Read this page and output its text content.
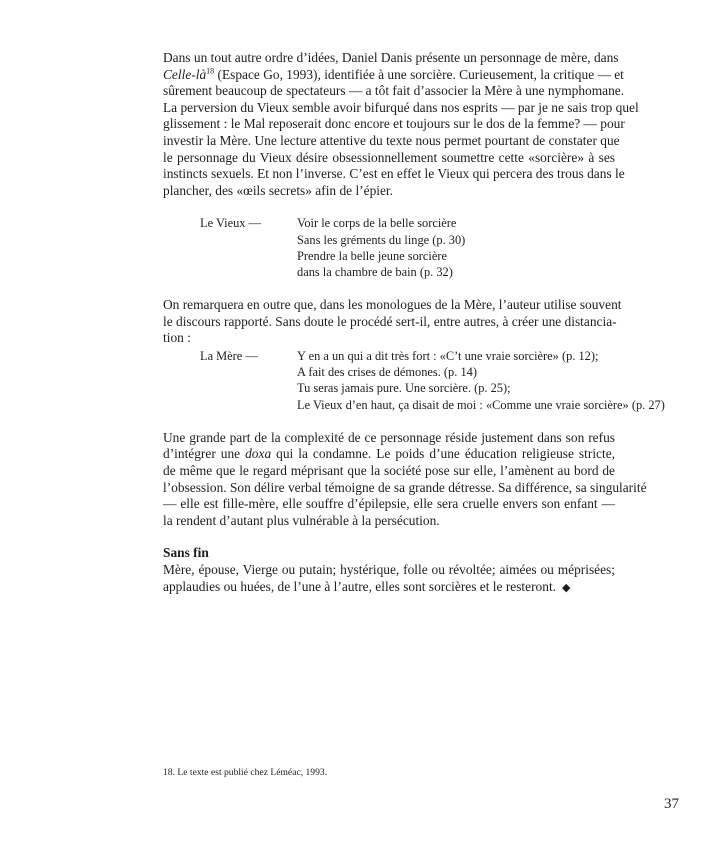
Dans un tout autre ordre d’idées, Daniel Danis présente un personnage de mère, dans
Celle-$là^{18}$ (Espace Go, 1993), identifiée à une sorcière. Curieusement, la critique — et
sûrement beaucoup de spectateurs — a tôt fait d’associer la Mère à une nymphomane.
La perversion du Vieux semble avoir bifurqué dans nos esprits — par je ne sais trop quel
glissement : le Mal reposerait donc encore et toujours sur le dos de la femme? — pour
investir la Mère. Une lecture attentive du texte nous permet pourtant de constater que
le personnage du Vieux désire obsessionnellement soumettre cette «sorcière» à ses
instincts sexuels. Et non l’inverse. C’est en effet le Vieux qui percera des trous dans le
plancher, des «œils secrets» afin de l’épier.
Le Vieux —	Voir le corps de la belle sorcière
Sans les gréments du linge (p. 30)
Prendre la belle jeune sorcière
dans la chambre de bain (p. 32)
On remarquera en outre que, dans les monologues de la Mère, l’auteur utilise souvent
le discours rapporté. Sans doute le procédé sert-il, entre autres, à créer une distancia-
tion :
La Mère —	Y en a un qui a dit très fort : «C’t une vraie sorcière» (p. 12);
A fait des crises de démones. (p. 14)
Tu seras jamais pure. Une sorcière. (p. 25);
Le Vieux d’en haut, ça disait de moi : «Comme une vraie sorcière» (p. 27)
Une grande part de la complexité de ce personnage réside justement dans son refus
d’intégrer une doxa qui la condamne. Le poids d’une éducation religieuse stricte,
de même que le regard méprisant que la société pose sur elle, l’amènent au bord de
l’obsession. Son délire verbal témoigne de sa grande détresse. Sa différence, sa singularité
— elle est fille-mère, elle souffre d’épilepsie, elle sera cruelle envers son enfant —
la rendent d’autant plus vulnérable à la persécution.
Sans fin
Mère, épouse, Vierge ou putain; hystérique, folle ou révoltée; aimées ou méprisées;
applaudies ou huées, de l’une à l’autre, elles sont sorcières et le resteront. ◆
18. Le texte est publié chez Léméac, 1993.
37
